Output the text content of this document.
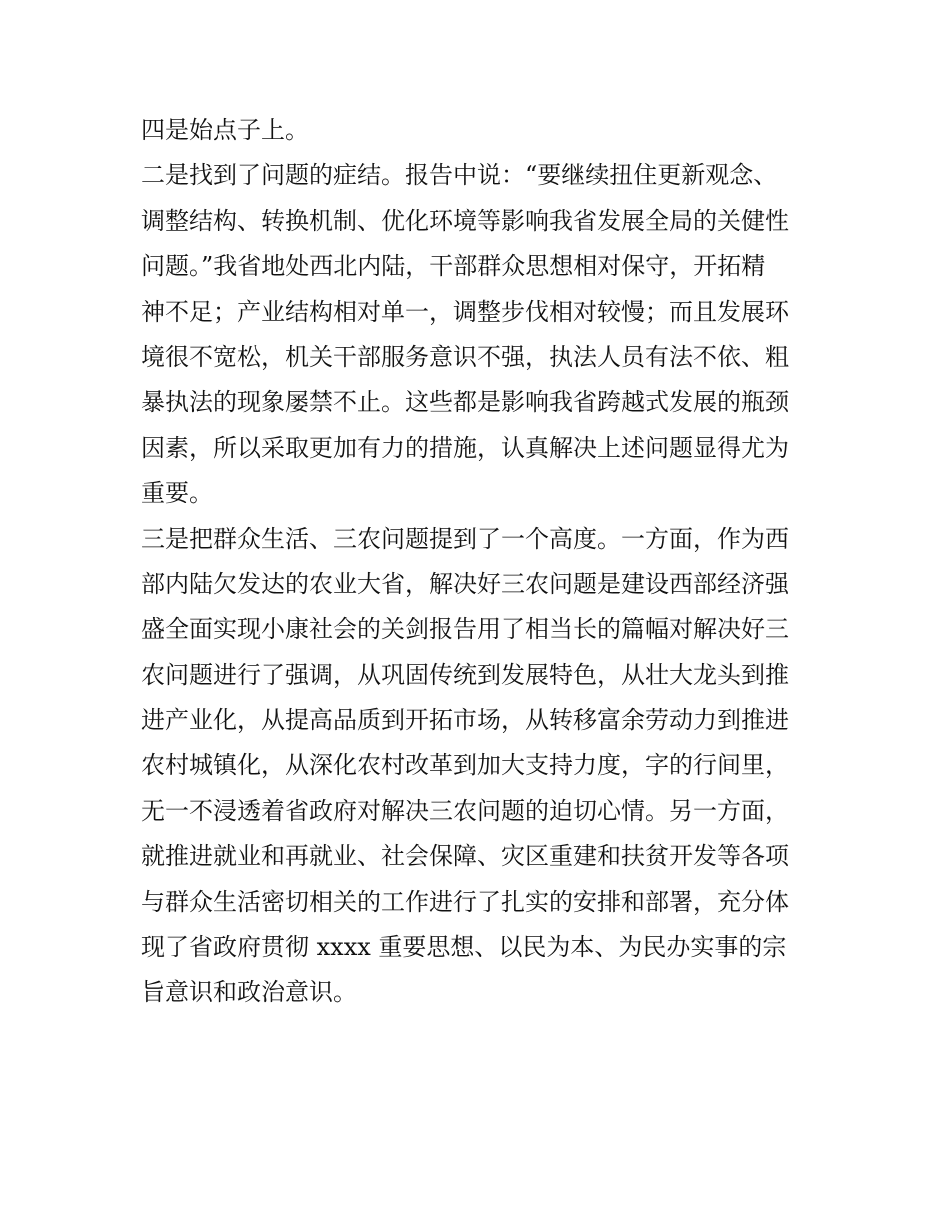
四是始点子上。
二是找到了问题的症结。报告中说：“要继续扭住更新观念、
调整结构、转换机制、优化环境等影响我省发展全局的关健性
问题。”我省地处西北内陆，干部群众思想相对保守，开拓精
神不足；产业结构相对单一，调整步伐相对较慢；而且发展环
境很不宽松，机关干部服务意识不强，执法人员有法不依、粗
暴执法的现象屡禁不止。这些都是影响我省跨越式发展的瓶颈
因素，所以采取更加有力的措施，认真解决上述问题显得尤为
重要。
三是把群众生活、三农问题提到了一个高度。一方面，作为西
部内陆欠发达的农业大省，解决好三农问题是建设西部经济强
盛全面实现小康社会的关剑报告用了相当长的篇幅对解决好三
农问题进行了强调，从巩固传统到发展特色，从壮大龙头到推
进产业化，从提高品质到开拓市场，从转移富余劳动力到推进
农村城镇化，从深化农村改革到加大支持力度，字的行间里，
无一不浸透着省政府对解决三农问题的迫切心情。另一方面，
就推进就业和再就业、社会保障、灾区重建和扶贫开发等各项
与群众生活密切相关的工作进行了扎实的安排和部署，充分体
现了省政府贯彻 xxxx 重要思想、以民为本、为民办实事的宗
旨意识和政治意识。
